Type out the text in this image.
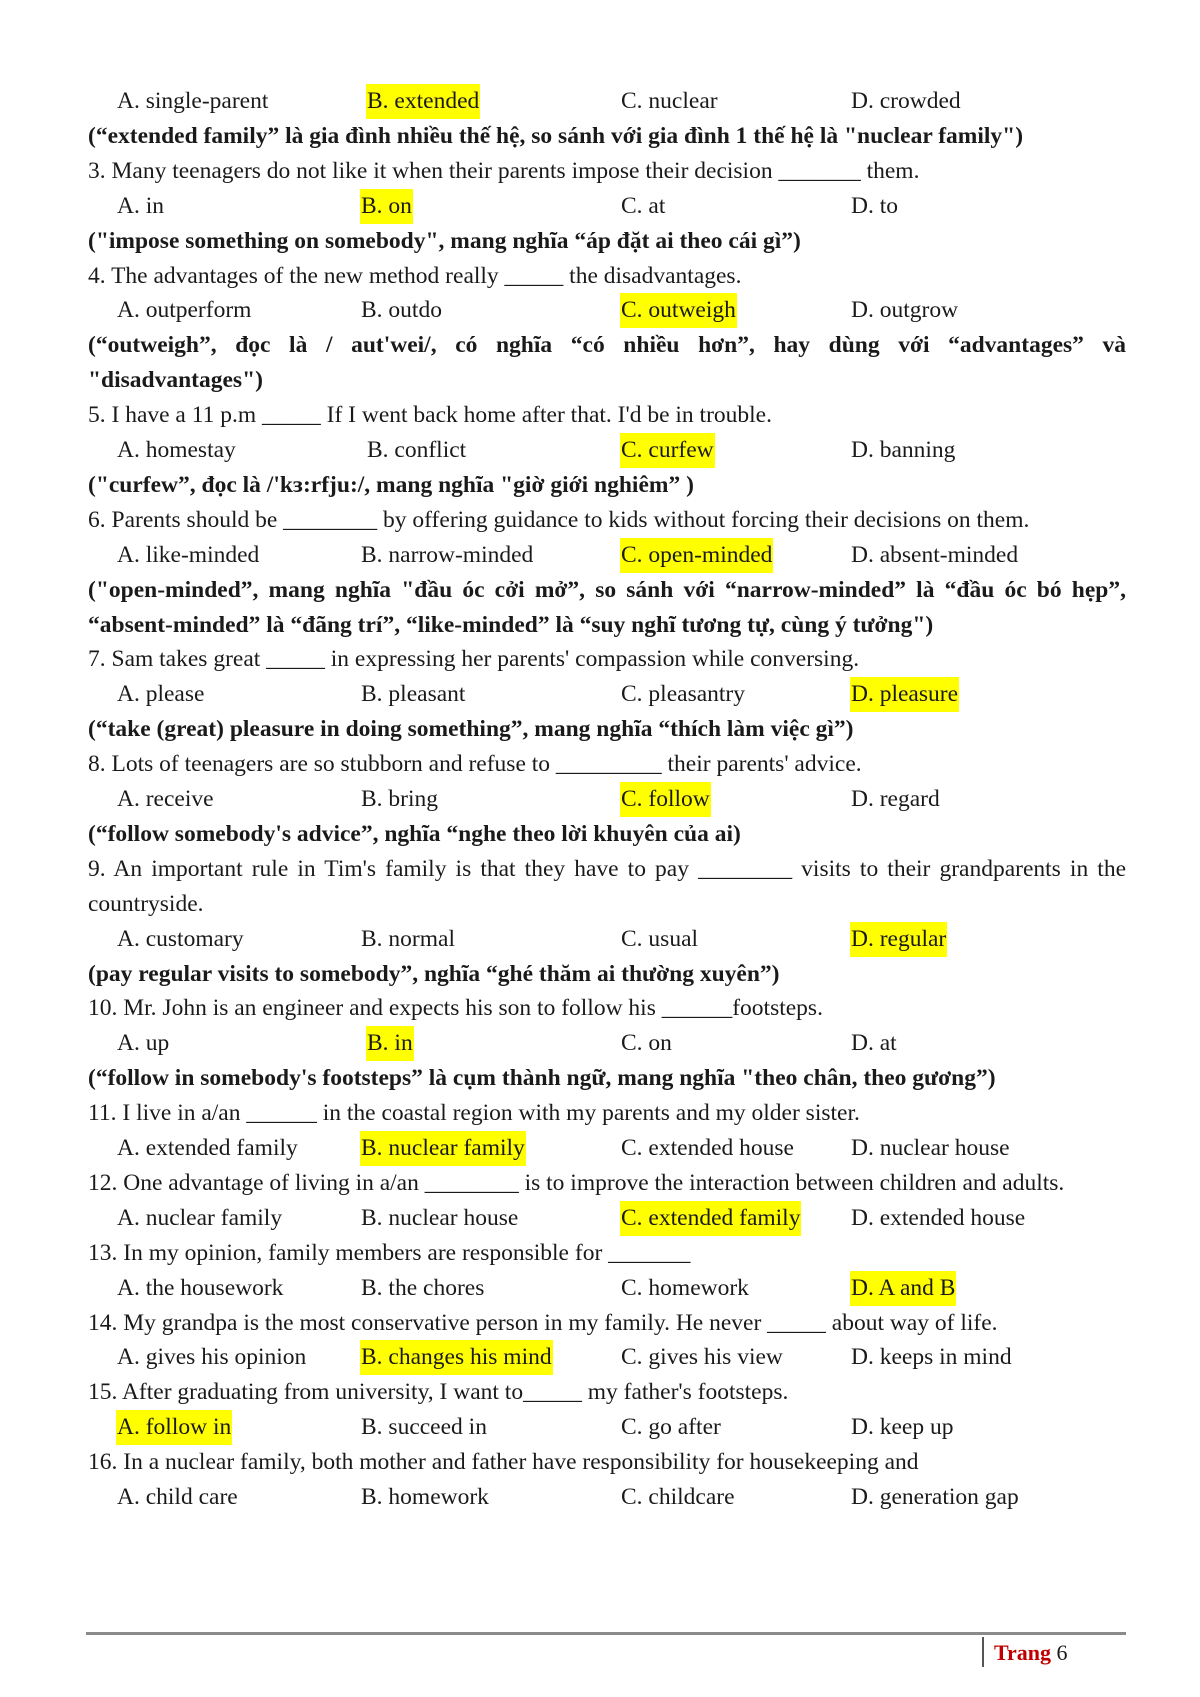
A. single-parent	B. extended	C. nuclear	D. crowded
(“extended family” là gia đình nhiều thế hệ, so sánh với gia đình 1 thế hệ là "nuclear family")
3. Many teenagers do not like it when their parents impose their decision _______ them.
A. in	B. on	C. at	D. to
("impose something on somebody", mang nghĩa “áp đặt ai theo cái gì”)
4. The advantages of the new method really _____ the disadvantages.
A. outperform	B. outdo	C. outweigh	D. outgrow
(“outweigh”, đọc là / aut'wei/, có nghĩa “có nhiều hơn”, hay dùng với “advantages” và "disadvantages")
5. I have a 11 p.m _____ If I went back home after that. I'd be in trouble.
A. homestay	B. conflict	C. curfew	D. banning
("curfew”, đọc là /'kɜ:rfju:/, mang nghĩa "giờ giới nghiêm” )
6. Parents should be ________ by offering guidance to kids without forcing their decisions on them.
A. like-minded	B. narrow-minded	C. open-minded	D. absent-minded
("open-minded”, mang nghĩa "đầu óc cởi mở”, so sánh với “narrow-minded” là “đầu óc bó hẹp”, “absent-minded” là “đãng trí”, “like-minded” là “suy nghĩ tương tự, cùng ý tưởng")
7. Sam takes great _____ in expressing her parents' compassion while conversing.
A. please	B. pleasant	C. pleasantry	D. pleasure
(“take (great) pleasure in doing something”, mang nghĩa “thích làm việc gì”)
8. Lots of teenagers are so stubborn and refuse to _________ their parents' advice.
A. receive	B. bring	C. follow	D. regard
(“follow somebody's advice”, nghĩa “nghe theo lời khuyên của ai)
9. An important rule in Tim's family is that they have to pay ________ visits to their grandparents in the countryside.
A. customary	B. normal	C. usual	D. regular
(pay regular visits to somebody”, nghĩa “ghé thăm ai thường xuyên”)
10. Mr. John is an engineer and expects his son to follow his ______footsteps.
A. up	B. in	C. on	D. at
(“follow in somebody's footsteps” là cụm thành ngữ, mang nghĩa "theo chân, theo gương”)
11. I live in a/an ______ in the coastal region with my parents and my older sister.
A. extended family	B. nuclear family	C. extended house D. nuclear house
12. One advantage of living in a/an ________ is to improve the interaction between children and adults.
A. nuclear family	B. nuclear house	C. extended family D. extended house
13. In my opinion, family members are responsible for _______
A. the housework	B. the chores	C. homework	D. A and B
14. My grandpa is the most conservative person in my family. He never _____ about way of life.
A. gives his opinion B. changes his mind	C. gives his view	D. keeps in mind
15. After graduating from university, I want to_____ my father's footsteps.
A. follow in	B. succeed in	C. go after	D. keep up
16. In a nuclear family, both mother and father have responsibility for housekeeping and
A. child care	B. homework	C. childcare	D. generation gap
Trang 6
